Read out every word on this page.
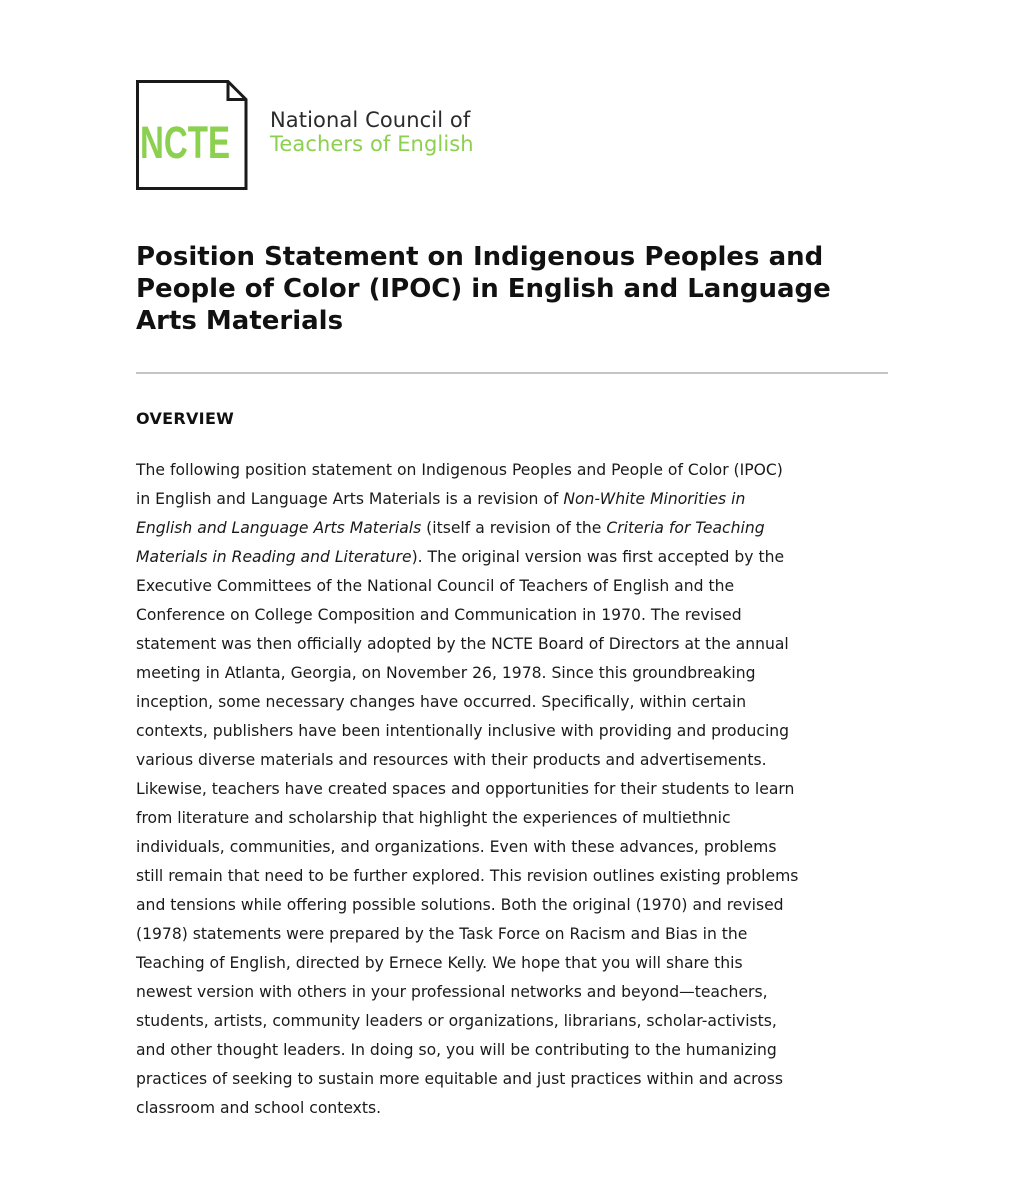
NCTE National Council of
Teachers of English
Position Statement on Indigenous Peoples and People of Color (IPOC) in English and Language Arts Materials
OVERVIEW

The following position statement on Indigenous Peoples and People of Color (IPOC)
in English and Language Arts Materials is a revision of Non-White Minorities in
English and Language Arts Materials (itself a revision of the Criteria for Teaching
Materials in Reading and Literature). The original version was first accepted by the
Executive Committees of the National Council of Teachers of English and the
Conference on College Composition and Communication in 1970. The revised
statement was then officially adopted by the NCTE Board of Directors at the annual
meeting in Atlanta, Georgia, on November 26, 1978. Since this groundbreaking
inception, some necessary changes have occurred. Specifically, within certain
contexts, publishers have been intentionally inclusive with providing and producing
various diverse materials and resources with their products and advertisements.
Likewise, teachers have created spaces and opportunities for their students to learn
from literature and scholarship that highlight the experiences of multiethnic
individuals, communities, and organizations. Even with these advances, problems
still remain that need to be further explored. This revision outlines existing problems
and tensions while offering possible solutions. Both the original (1970) and revised
(1978) statements were prepared by the Task Force on Racism and Bias in the
Teaching of English, directed by Ernece Kelly. We hope that you will share this
newest version with others in your professional networks and beyond—teachers,
students, artists, community leaders or organizations, librarians, scholar-activists,
and other thought leaders. In doing so, you will be contributing to the humanizing
practices of seeking to sustain more equitable and just practices within and across
classroom and school contexts.
